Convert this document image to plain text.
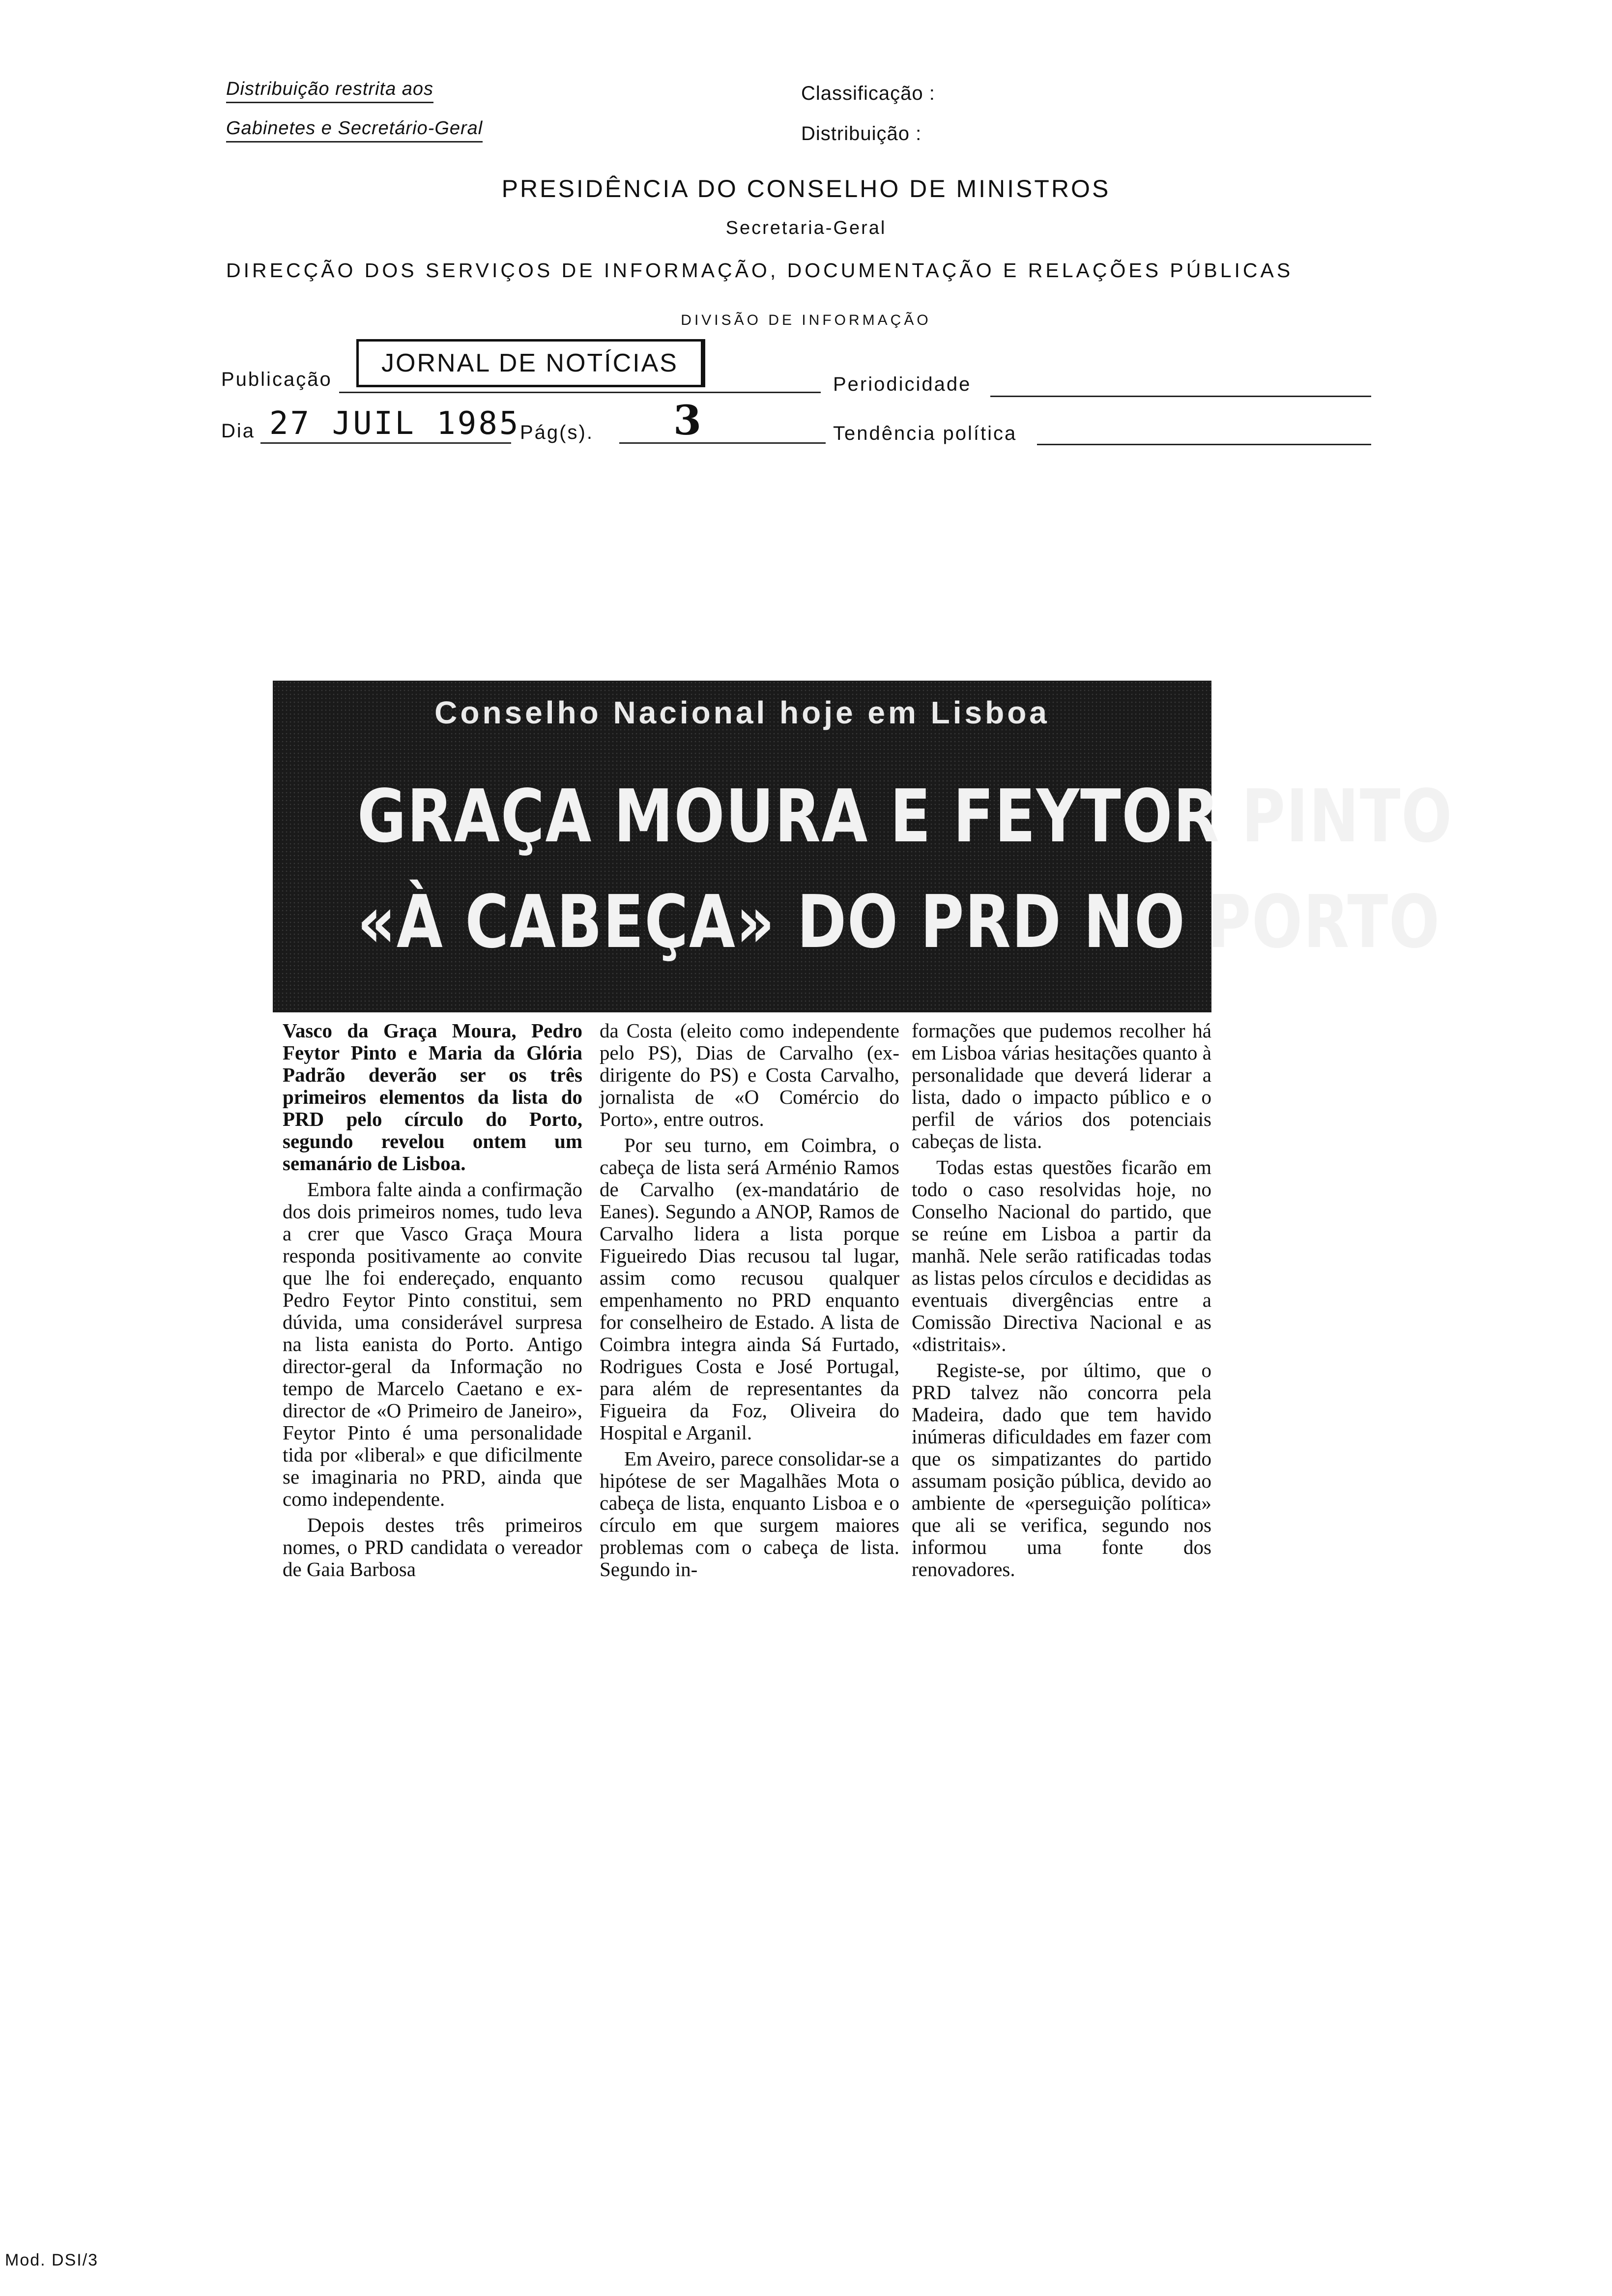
Distribuição restrita aos
Gabinetes e Secretário-Geral
Classificação :
Distribuição :
PRESIDÊNCIA DO CONSELHO DE MINISTROS
Secretaria-Geral
DIRECÇÃO DOS SERVIÇOS DE INFORMAÇÃO, DOCUMENTAÇÃO E RELAÇÕES PÚBLICAS
DIVISÃO DE INFORMAÇÃO
Publicação
JORNAL DE NOTÍCIAS
Periodicidade
Dia 27 JUIL 1985 Pág(s). 3	Tendência política
Conselho Nacional hoje em Lisboa
GRAÇA MOURA E FEYTOR PINTO
«À CABEÇA» DO PRD NO PORTO

Vasco da Graça Moura, Pedro Feytor Pinto e Maria da Glória Padrão deverão ser os três primeiros elementos da lista do PRD pelo círculo do Porto, segundo revelou ontem um semanário de Lisboa.

Embora falte ainda a confirmação dos dois primeiros nomes, tudo leva a crer que Vasco Graça Moura responda positivamente ao convite que lhe foi endereçado, enquanto Pedro Feytor Pinto constitui, sem dúvida, uma considerável surpresa na lista eanista do Porto. Antigo director-geral da Informação no tempo de Marcelo Caetano e ex-director de «O Primeiro de Janeiro», Feytor Pinto é uma personalidade tida por «liberal» e que dificilmente se imaginaria no PRD, ainda que como independente.

Depois destes três primeiros nomes, o PRD candidata o vereador de Gaia Barbosa

da Costa (eleito como independente pelo PS), Dias de Carvalho (ex-dirigente do PS) e Costa Carvalho, jornalista de «O Comércio do Porto», entre outros.

Por seu turno, em Coimbra, o cabeça de lista será Arménio Ramos de Carvalho (ex-mandatário de Eanes). Segundo a ANOP, Ramos de Carvalho lidera a lista porque Figueiredo Dias recusou tal lugar, assim como recusou qualquer empenhamento no PRD enquanto for conselheiro de Estado. A lista de Coimbra integra ainda Sá Furtado, Rodrigues Costa e José Portugal, para além de representantes da Figueira da Foz, Oliveira do Hospital e Arganil.

Em Aveiro, parece consolidar-se a hipótese de ser Magalhães Mota o cabeça de lista, enquanto Lisboa e o círculo em que surgem maiores problemas com o cabeça de lista. Segundo in-

formações que pudemos recolher há em Lisboa várias hesitações quanto à personalidade que deverá liderar a lista, dado o impacto público e o perfil de vários dos potenciais cabeças de lista.

Todas estas questões ficarão em todo o caso resolvidas hoje, no Conselho Nacional do partido, que se reúne em Lisboa a partir da manhã. Nele serão ratificadas todas as listas pelos círculos e decididas as eventuais divergências entre a Comissão Directiva Nacional e as «distritais».

Registe-se, por último, que o PRD talvez não concorra pela Madeira, dado que tem havido inúmeras dificuldades em fazer com que os simpatizantes do partido assumam posição pública, devido ao ambiente de «perseguição política» que ali se verifica, segundo nos informou uma fonte dos renovadores.

Mod. DSI/3
